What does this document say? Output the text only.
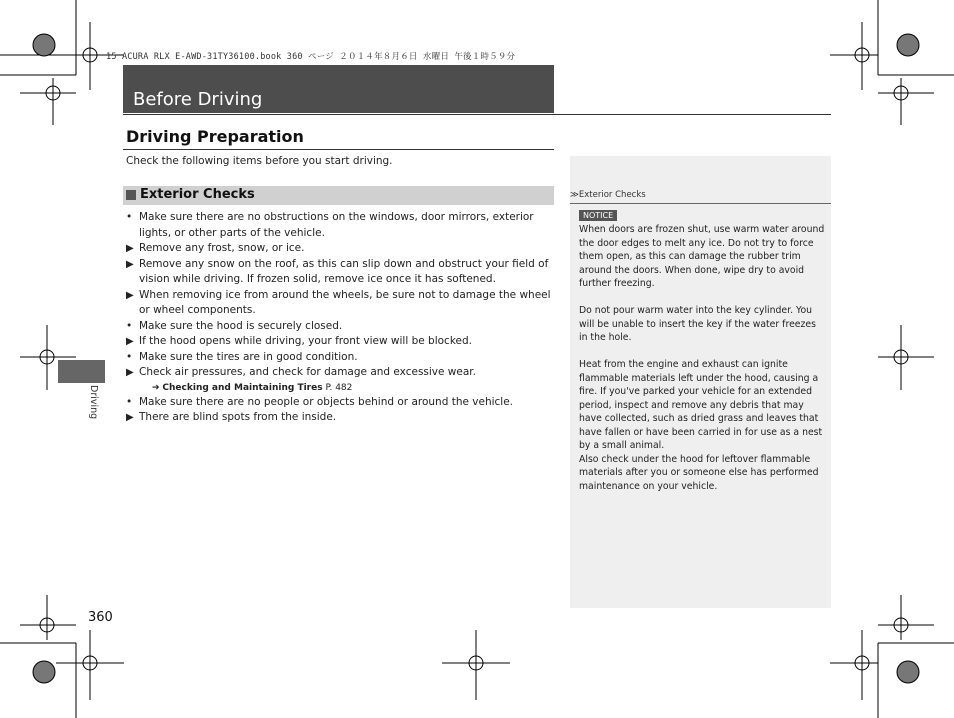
15 ACURA RLX E-AWD-31TY36100.book 360 ページ ２０１４年８月６日 水曜日 午後１時５９分
Before Driving
Driving Preparation
Check the following items before you start driving.
Exterior Checks
• Make sure there are no obstructions on the windows, door mirrors, exterior lights, or other parts of the vehicle.
▶ Remove any frost, snow, or ice.
▶ Remove any snow on the roof, as this can slip down and obstruct your field of vision while driving. If frozen solid, remove ice once it has softened.
▶ When removing ice from around the wheels, be sure not to damage the wheel or wheel components.
• Make sure the hood is securely closed.
▶ If the hood opens while driving, your front view will be blocked.
• Make sure the tires are in good condition.
▶ Check air pressures, and check for damage and excessive wear.
➔ Checking and Maintaining Tires P. 482
• Make sure there are no people or objects behind or around the vehicle.
▶ There are blind spots from the inside.
≫Exterior Checks
NOTICE

When doors are frozen shut, use warm water around the door edges to melt any ice. Do not try to force them open, as this can damage the rubber trim around the doors. When done, wipe dry to avoid further freezing.

Do not pour warm water into the key cylinder. You will be unable to insert the key if the water freezes in the hole.

Heat from the engine and exhaust can ignite flammable materials left under the hood, causing a fire. If you've parked your vehicle for an extended period, inspect and remove any debris that may have collected, such as dried grass and leaves that have fallen or have been carried in for use as a nest by a small animal.

Also check under the hood for leftover flammable materials after you or someone else has performed maintenance on your vehicle.

Driving
360
